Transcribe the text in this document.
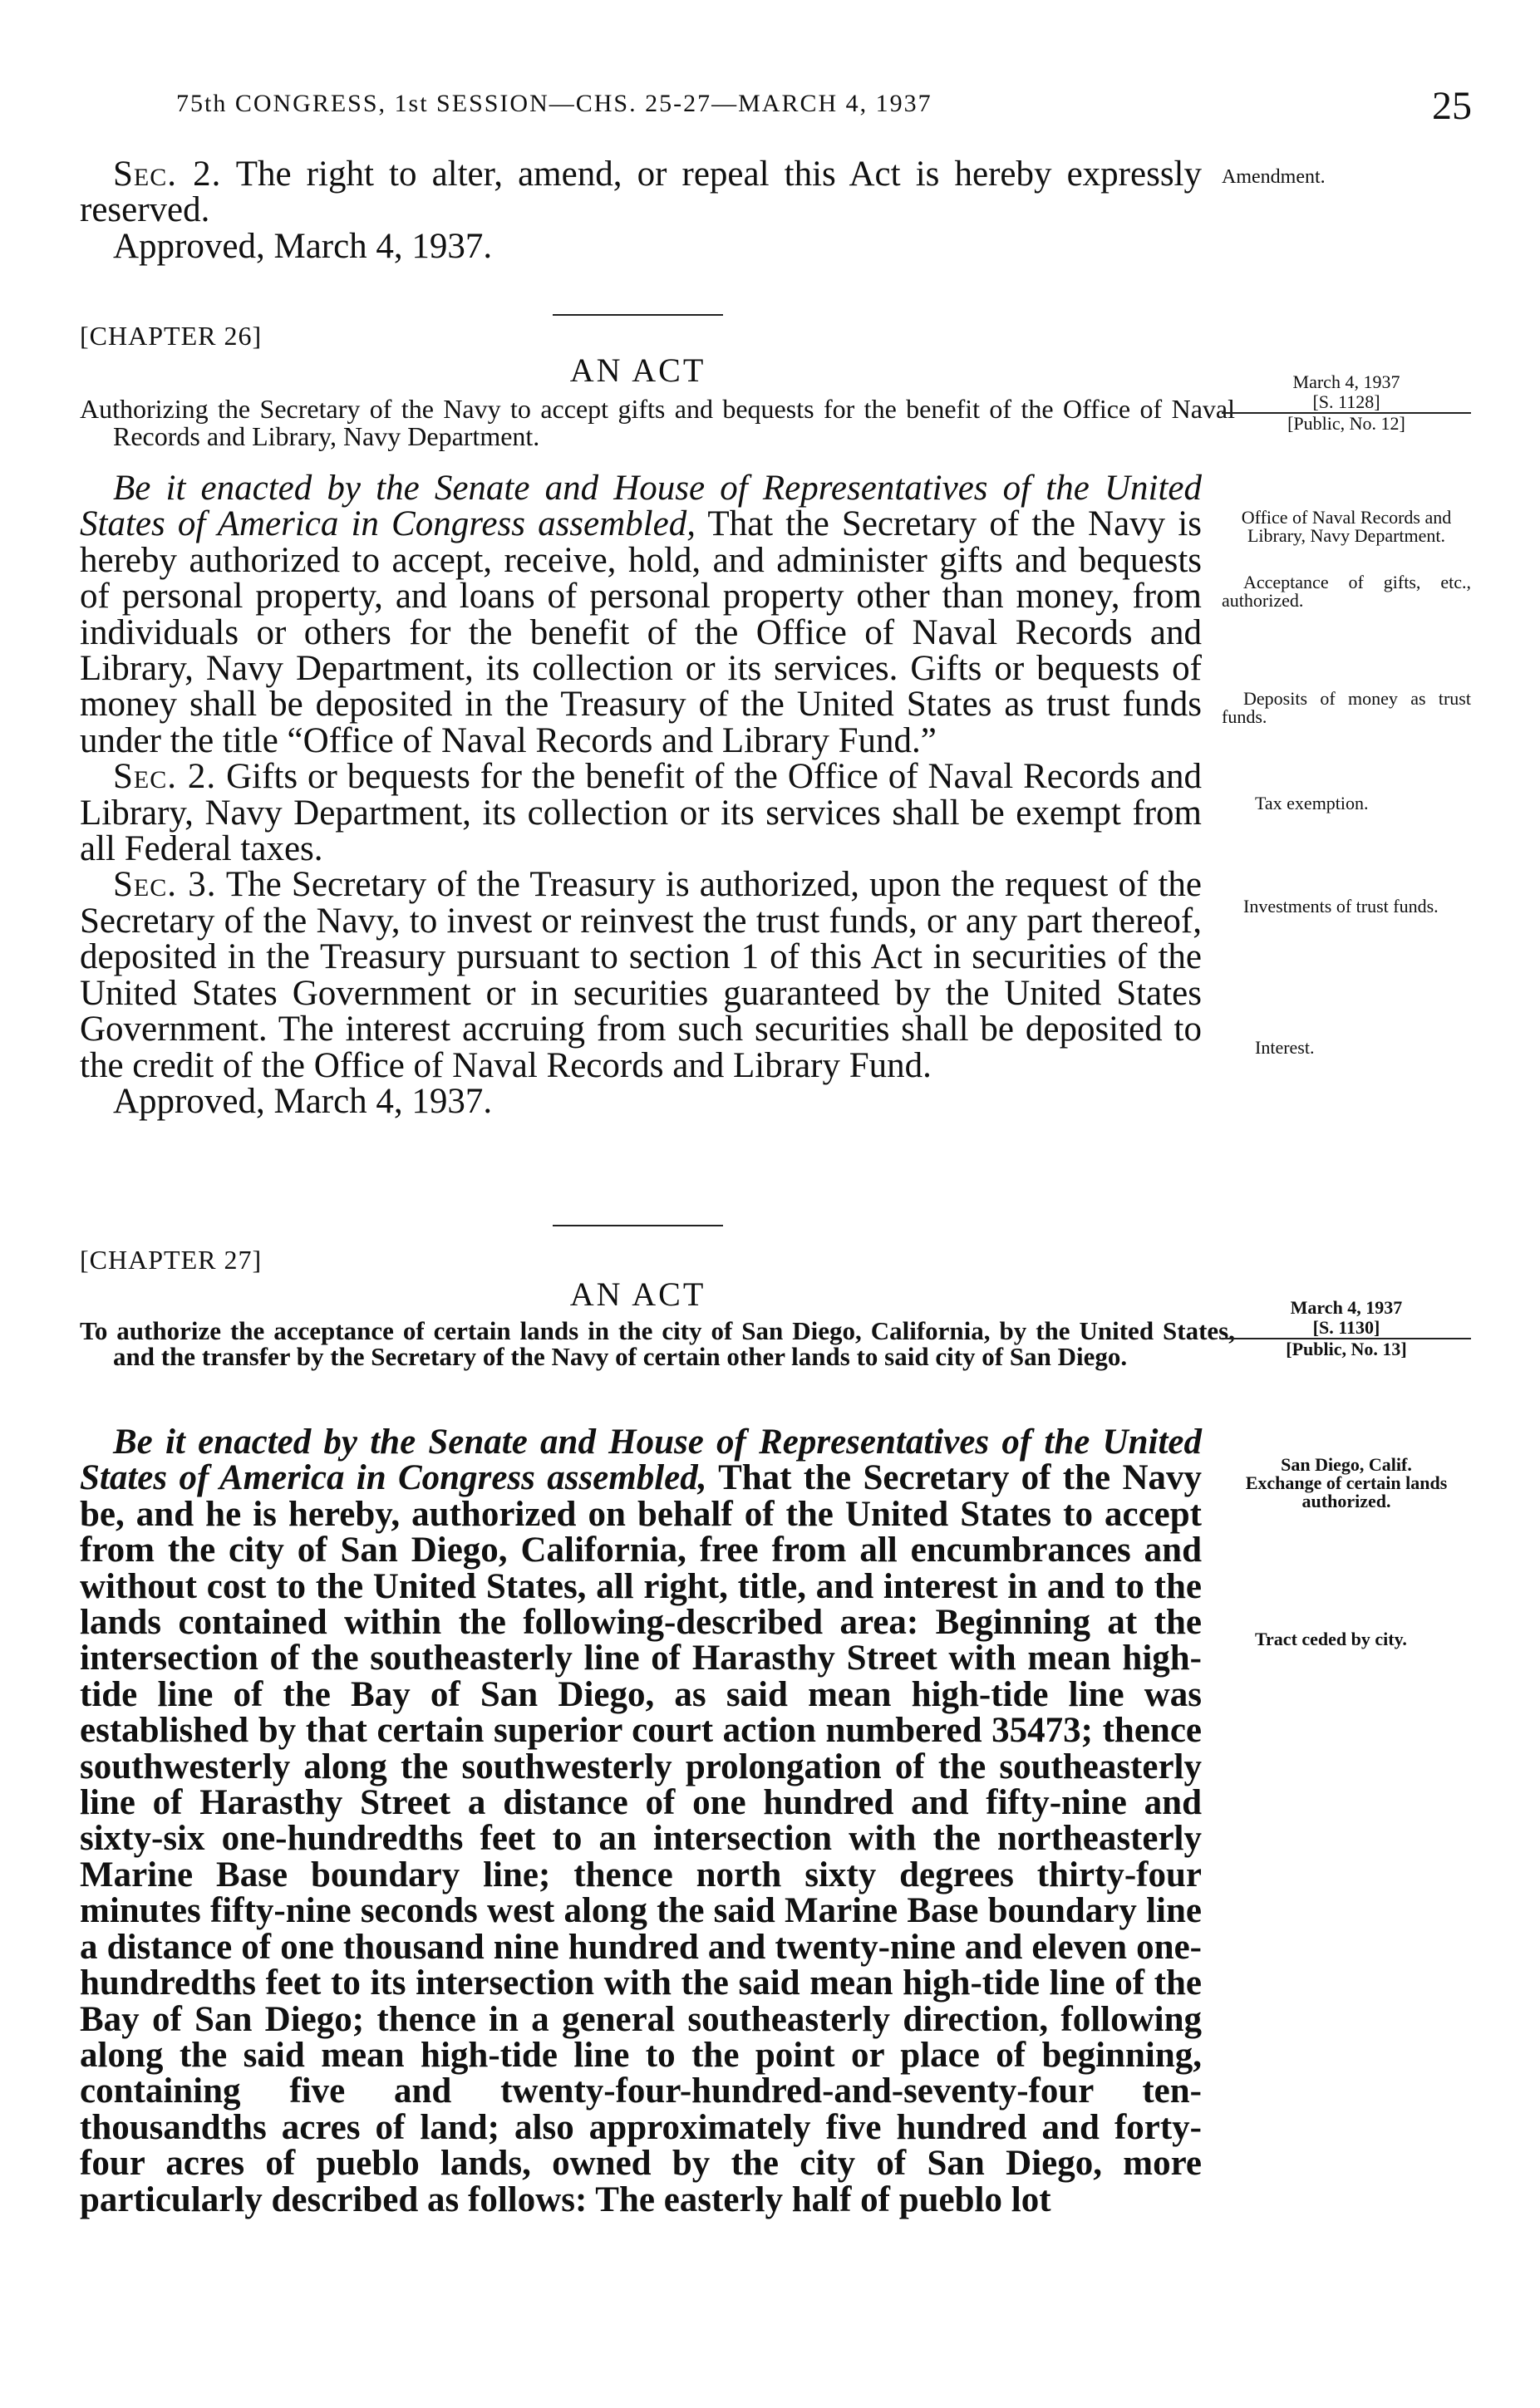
75th CONGRESS, 1st SESSION—CHS. 25-27—MARCH 4, 1937	25

Sec. 2. The right to alter, amend, or repeal this Act is hereby expressly reserved.

Approved, March 4, 1937.

Amendment.
[CHAPTER 26]
AN ACT

Authorizing the Secretary of the Navy to accept gifts and bequests for the benefit of the Office of Naval Records and Library, Navy Department.

March 4, 1937
[S. 1128]
[Public, No. 12]

Be it enacted by the Senate and House of Representatives of the United States of America in Congress assembled, That the Secretary of the Navy is hereby authorized to accept, receive, hold, and administer gifts and bequests of personal property, and loans of personal property other than money, from individuals or others for the benefit of the Office of Naval Records and Library, Navy Department, its collection or its services. Gifts or bequests of money shall be deposited in the Treasury of the United States as trust funds under the title “Office of Naval Records and Library Fund.”

Sec. 2. Gifts or bequests for the benefit of the Office of Naval Records and Library, Navy Department, its collection or its services shall be exempt from all Federal taxes.

Sec. 3. The Secretary of the Treasury is authorized, upon the request of the Secretary of the Navy, to invest or reinvest the trust funds, or any part thereof, deposited in the Treasury pursuant to section 1 of this Act in securities of the United States Government or in securities guaranteed by the United States Government. The interest accruing from such securities shall be deposited to the credit of the Office of Naval Records and Library Fund.

Approved, March 4, 1937.

Office of Naval Records and Library, Navy Department.
Acceptance of gifts, etc., authorized.
Deposits of money as trust funds.
Tax exemption.
Investments of trust funds.
Interest.
[CHAPTER 27]
AN ACT

To authorize the acceptance of certain lands in the city of San Diego, California, by the United States, and the transfer by the Secretary of the Navy of certain other lands to said city of San Diego.

March 4, 1937
[S. 1130]
[Public, No. 13]

Be it enacted by the Senate and House of Representatives of the United States of America in Congress assembled, That the Secretary of the Navy be, and he is hereby, authorized on behalf of the United States to accept from the city of San Diego, California, free from all encumbrances and without cost to the United States, all right, title, and interest in and to the lands contained within the following-described area: Beginning at the intersection of the southeasterly line of Harasthy Street with mean high-tide line of the Bay of San Diego, as said mean high-tide line was established by that certain superior court action numbered 35473; thence southwesterly along the southwesterly prolongation of the southeasterly line of Harasthy Street a distance of one hundred and fifty-nine and sixty-six one-hundredths feet to an intersection with the northeasterly Marine Base boundary line; thence north sixty degrees thirty-four minutes fifty-nine seconds west along the said Marine Base boundary line a distance of one thousand nine hundred and twenty-nine and eleven one-hundredths feet to its intersection with the said mean high-tide line of the Bay of San Diego; thence in a general southeasterly direction, following along the said mean high-tide line to the point or place of beginning, containing five and twenty-four-hundred-and-seventy-four ten-thousandths acres of land; also approximately five hundred and forty-four acres of pueblo lands, owned by the city of San Diego, more particularly described as follows: The easterly half of pueblo lot

San Diego, Calif.
Exchange of certain lands authorized.
Tract ceded by city.
